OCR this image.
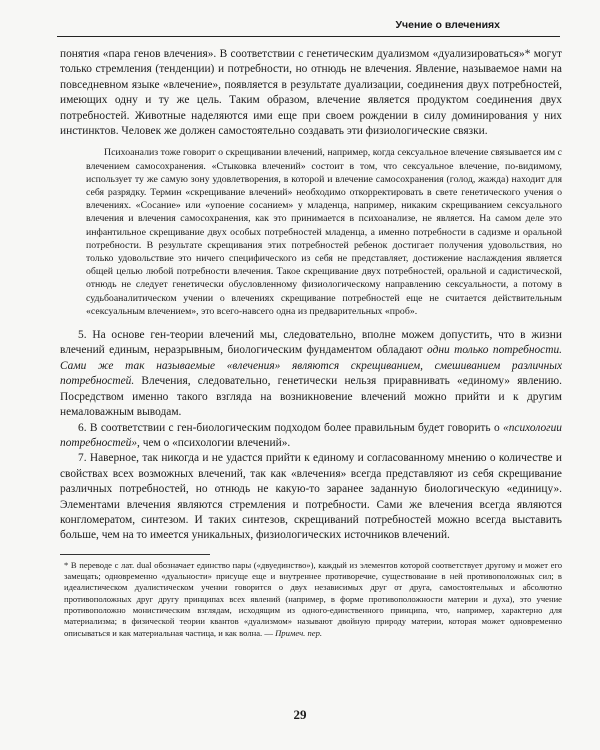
Учение о влечениях

понятия «пара генов влечения». В соответствии с генетическим дуализмом «дуализироваться»* могут только стремления (тенденции) и потребности, но отнюдь не влечения. Явление, называемое нами на повседневном языке «влечение», появляется в результате дуализации, соединения двух потребностей, имеющих одну и ту же цель. Таким образом, влечение является продуктом соединения двух потребностей. Животные наделяются ими еще при своем рождении в силу доминирования у них инстинктов. Человек же должен самостоятельно создавать эти физиологические связки.

Психоанализ тоже говорит о скрещивании влечений, например, когда сексуальное влечение связывается им с влечением самосохранения. «Стыковка влечений» состоит в том, что сексуальное влечение, по-видимому, использует ту же самую зону удовлетворения, в которой и влечение самосохранения (голод, жажда) находит для себя разрядку. Термин «скрещивание влечений» необходимо откорректировать в свете генетического учения о влечениях. «Сосание» или «упоение сосанием» у младенца, например, никаким скрещиванием сексуального влечения и влечения самосохранения, как это принимается в психоанализе, не является. На самом деле это инфантильное скрещивание двух особых потребностей младенца, а именно потребности в садизме и оральной потребности. В результате скрещивания этих потребностей ребенок достигает получения удовольствия, но только удовольствие это ничего специфического из себя не представляет, достижение наслаждения является общей целью любой потребности влечения. Такое скрещивание двух потребностей, оральной и садистической, отнюдь не следует генетически обусловленному физиологическому направлению сексуальности, а потому в судьбоаналитическом учении о влечениях скрещивание потребностей еще не считается действительным «сексуальным влечением», это всего-навсего одна из предварительных «проб».

5. На основе ген-теории влечений мы, следовательно, вполне можем допустить, что в жизни влечений единым, неразрывным, биологическим фундаментом обладают одни только потребности. Сами же так называемые «влечения» являются скрещиванием, смешиванием различных потребностей. Влечения, следовательно, генетически нельзя приравнивать «единому» явлению. Посредством именно такого взгляда на возникновение влечений можно прийти и к другим немаловажным выводам.

6. В соответствии с ген-биологическим подходом более правильным будет говорить о «психологии потребностей», чем о «психологии влечений».

7. Наверное, так никогда и не удастся прийти к единому и согласованному мнению о количестве и свойствах всех возможных влечений, так как «влечения» всегда представляют из себя скрещивание различных потребностей, но отнюдь не какую-то заранее заданную биологическую «единицу». Элементами влечения являются стремления и потребности. Сами же влечения всегда являются конгломератом, синтезом. И таких синтезов, скрещиваний потребностей можно всегда выставить больше, чем на то имеется уникальных, физиологических источников влечений.

* В переводе с лат. dual обозначает единство пары («двуединство»), каждый из элементов которой соответствует другому и может его замещать; одновременно «дуальности» присуще еще и внутреннее противоречие, существование в ней противоположных сил; в идеалистическом дуалистическом учении говорится о двух независимых друг от друга, самостоятельных и абсолютно противоположных друг другу принципах всех явлений (например, в форме противоположности материи и духа), это учение противоположно монистическим взглядам, исходящим из одного-единственного принципа, что, например, характерно для материализма; в физической теории квантов «дуализмом» называют двойную природу материи, которая может одновременно описываться и как материальная частица, и как волна. — Примеч. пер.

29
